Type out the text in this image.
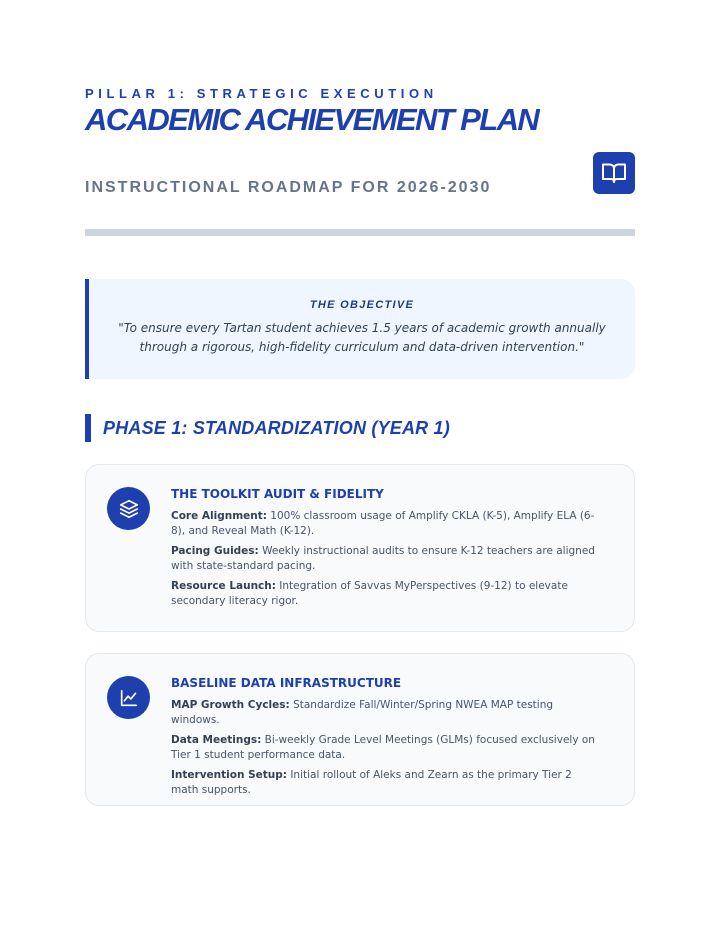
PILLAR 1: STRATEGIC EXECUTION
ACADEMIC ACHIEVEMENT PLAN
INSTRUCTIONAL ROADMAP FOR 2026-2030
THE OBJECTIVE
"To ensure every Tartan student achieves 1.5 years of academic growth annually through a rigorous, high-fidelity curriculum and data-driven intervention."
PHASE 1: STANDARDIZATION (YEAR 1)
THE TOOLKIT AUDIT & FIDELITY
Core Alignment: 100% classroom usage of Amplify CKLA (K-5), Amplify ELA (6-8), and Reveal Math (K-12).
Pacing Guides: Weekly instructional audits to ensure K-12 teachers are aligned with state-standard pacing.
Resource Launch: Integration of Savvas MyPerspectives (9-12) to elevate secondary literacy rigor.
BASELINE DATA INFRASTRUCTURE
MAP Growth Cycles: Standardize Fall/Winter/Spring NWEA MAP testing windows.
Data Meetings: Bi-weekly Grade Level Meetings (GLMs) focused exclusively on Tier 1 student performance data.
Intervention Setup: Initial rollout of Aleks and Zearn as the primary Tier 2 math supports.
